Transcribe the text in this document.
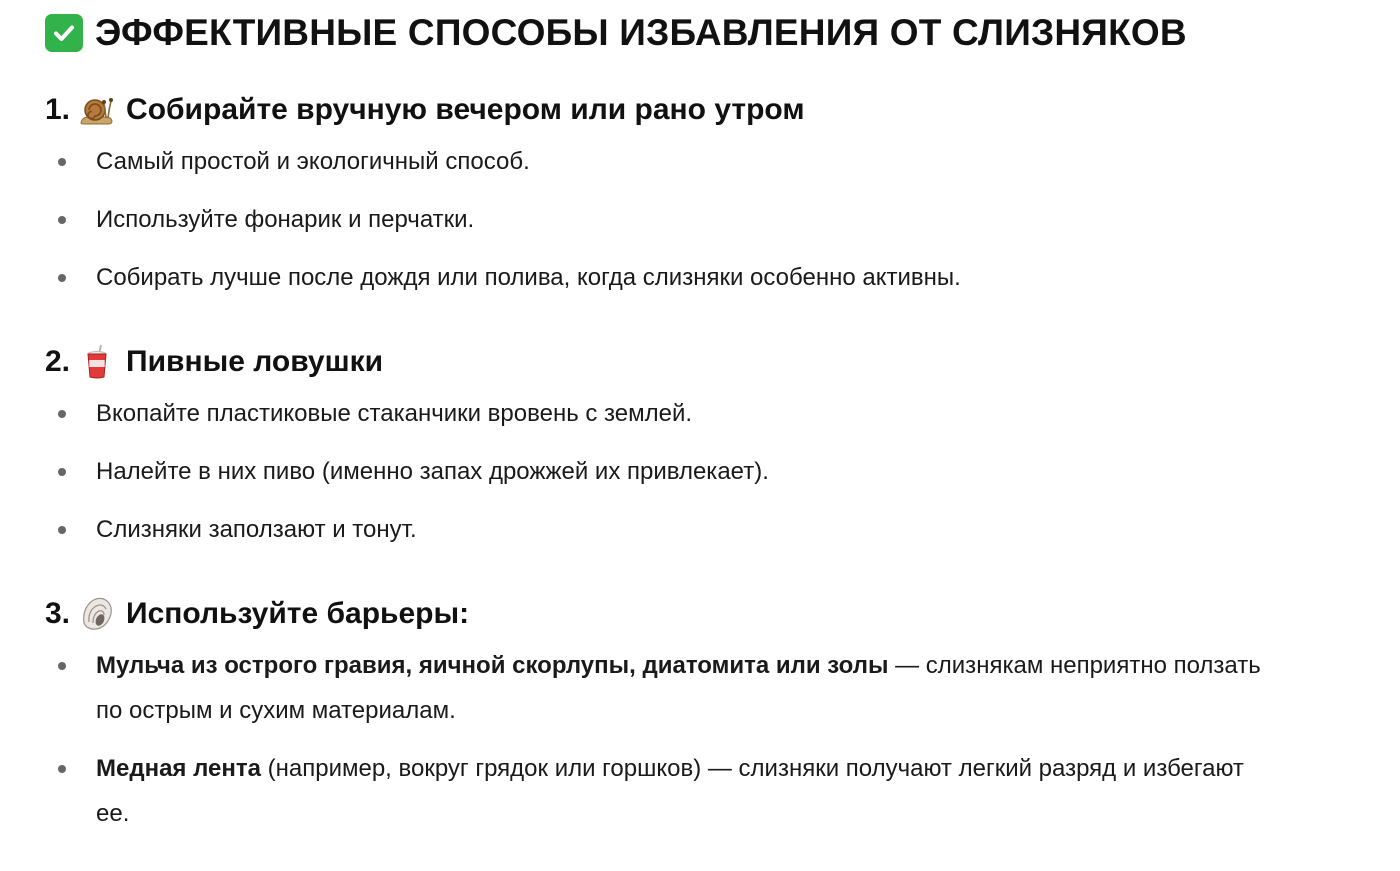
ЭФФЕКТИВНЫЕ СПОСОБЫ ИЗБАВЛЕНИЯ ОТ СЛИЗНЯКОВ
1. Собирайте вручную вечером или рано утром
Самый простой и экологичный способ.
Используйте фонарик и перчатки.
Собирать лучше после дождя или полива, когда слизняки особенно активны.
2. Пивные ловушки
Вкопайте пластиковые стаканчики вровень с землей.
Налейте в них пиво (именно запах дрожжей их привлекает).
Слизняки заползают и тонут.
3. Используйте барьеры:
Мульча из острого гравия, яичной скорлупы, диатомита или золы — слизнякам неприятно ползать по острым и сухим материалам.
Медная лента (например, вокруг грядок или горшков) — слизняки получают легкий разряд и избегают ее.
